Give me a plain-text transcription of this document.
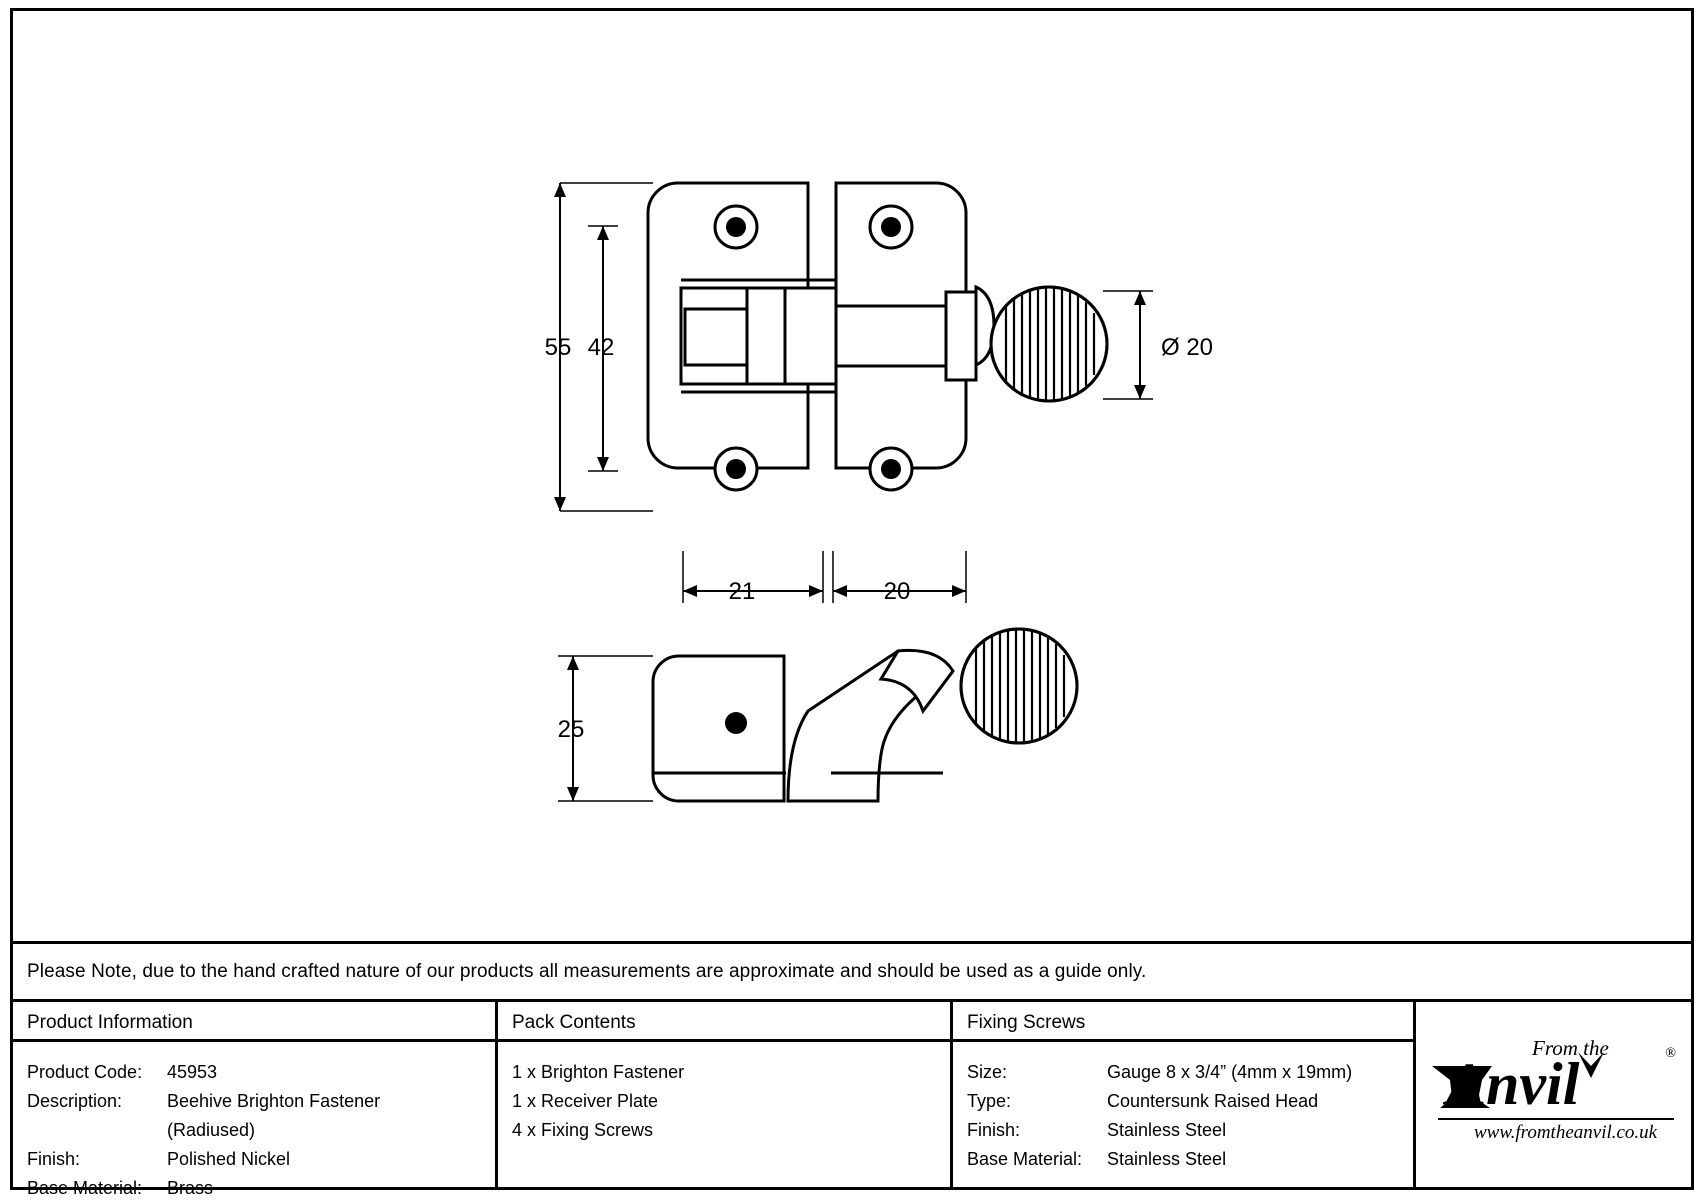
55 42	Ø 20
21	20
25
Please Note, due to the hand crafted nature of our products all measurements are approximate and should be used as a guide only.
Product Information
Product Code:	45953
Description:	Beehive Brighton Fastener
(Radiused)
Finish:	Polished Nickel
Base Material:	Brass
Pack Contents
1 x Brighton Fastener
1 x Receiver Plate
4 x Fixing Screws
Fixing Screws
Size:	Gauge 8 x 3/4” (4mm x 19mm)
Type:	Countersunk Raised Head
Finish:	Stainless Steel
Base Material:	Stainless Steel
From the
Anvil	®
www.fromtheanvil.co.uk
